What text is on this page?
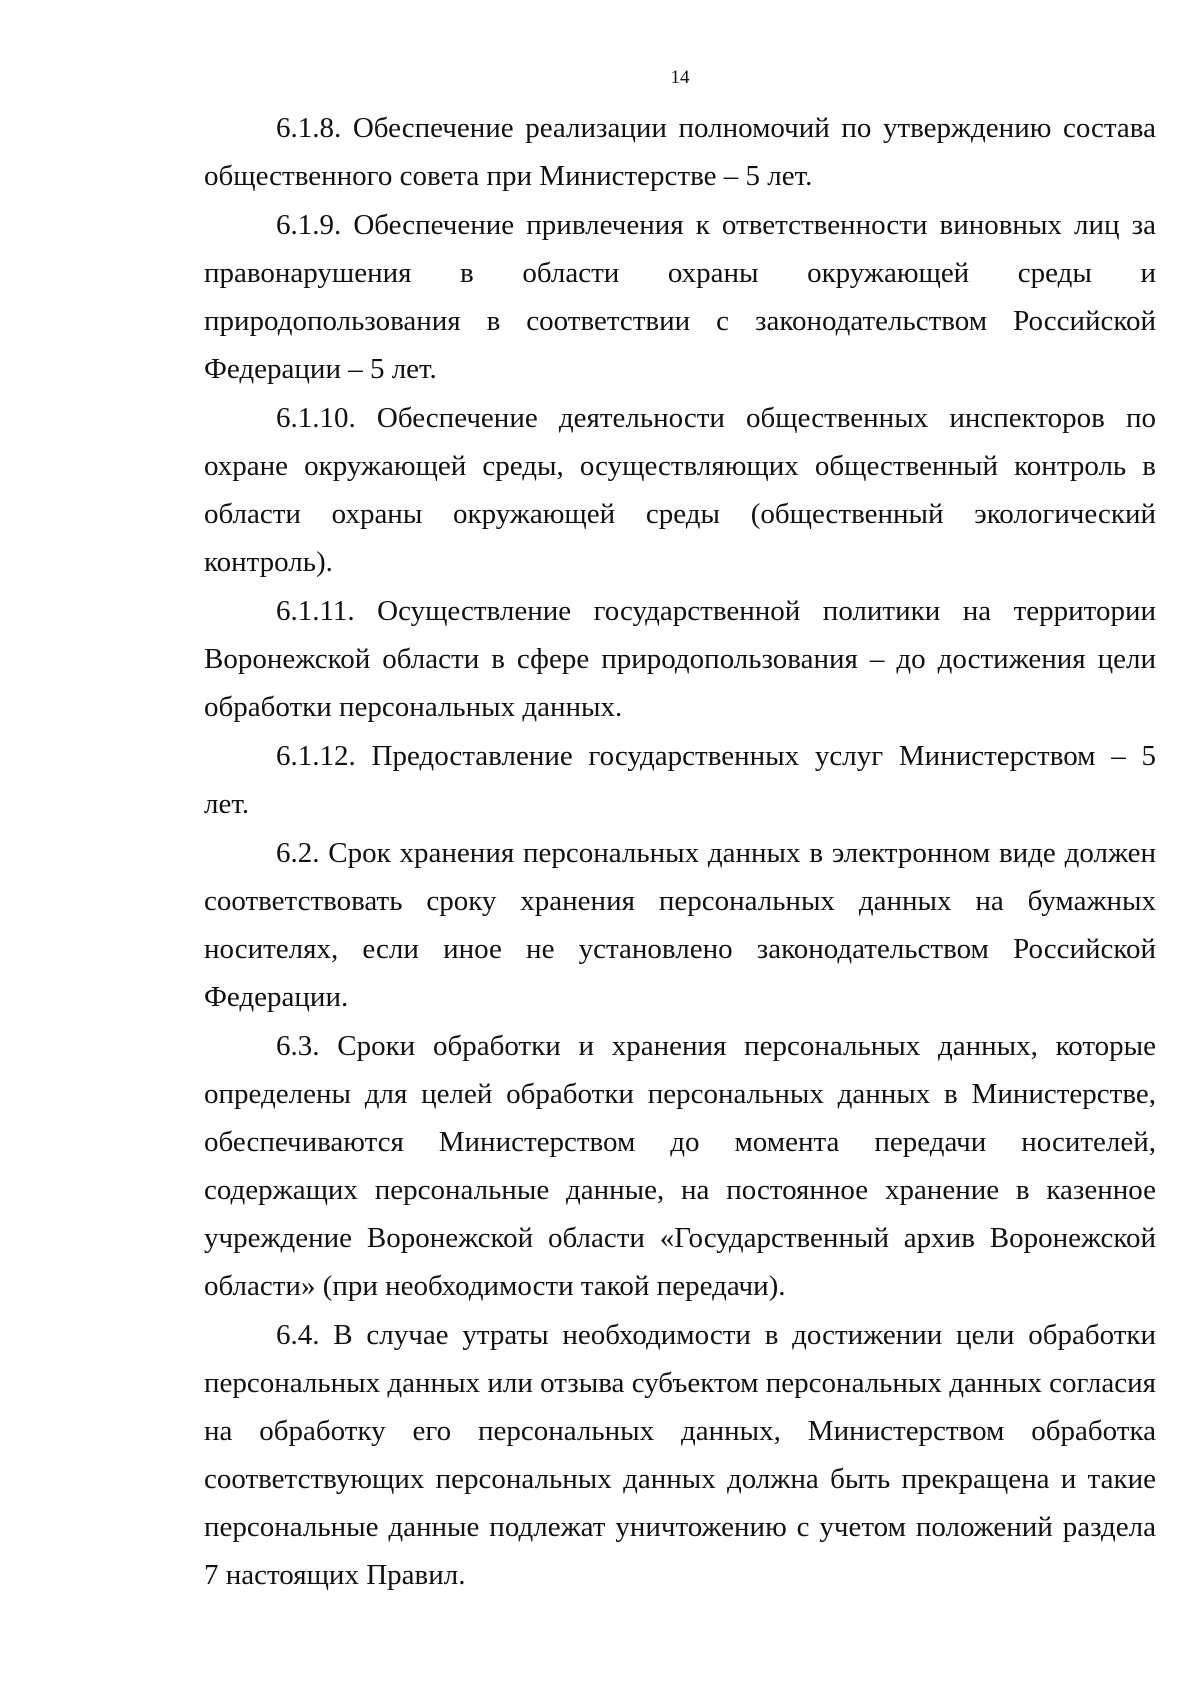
14

6.1.8. Обеспечение реализации полномочий по утверждению состава общественного совета при Министерстве – 5 лет.

6.1.9. Обеспечение привлечения к ответственности виновных лиц за правонарушения в области охраны окружающей среды и природопользования в соответствии с законодательством Российской Федерации – 5 лет.

6.1.10. Обеспечение деятельности общественных инспекторов по охране окружающей среды, осуществляющих общественный контроль в области охраны окружающей среды (общественный экологический контроль).

6.1.11. Осуществление государственной политики на территории Воронежской области в сфере природопользования – до достижения цели обработки персональных данных.

6.1.12. Предоставление государственных услуг Министерством – 5 лет.

6.2. Срок хранения персональных данных в электронном виде должен соответствовать сроку хранения персональных данных на бумажных носителях, если иное не установлено законодательством Российской Федерации.

6.3. Сроки обработки и хранения персональных данных, которые определены для целей обработки персональных данных в Министерстве, обеспечиваются Министерством до момента передачи носителей, содержащих персональные данные, на постоянное хранение в казенное учреждение Воронежской области «Государственный архив Воронежской области» (при необходимости такой передачи).

6.4. В случае утраты необходимости в достижении цели обработки персональных данных или отзыва субъектом персональных данных согласия на обработку его персональных данных, Министерством обработка соответствующих персональных данных должна быть прекращена и такие персональные данные подлежат уничтожению с учетом положений раздела 7 настоящих Правил.
